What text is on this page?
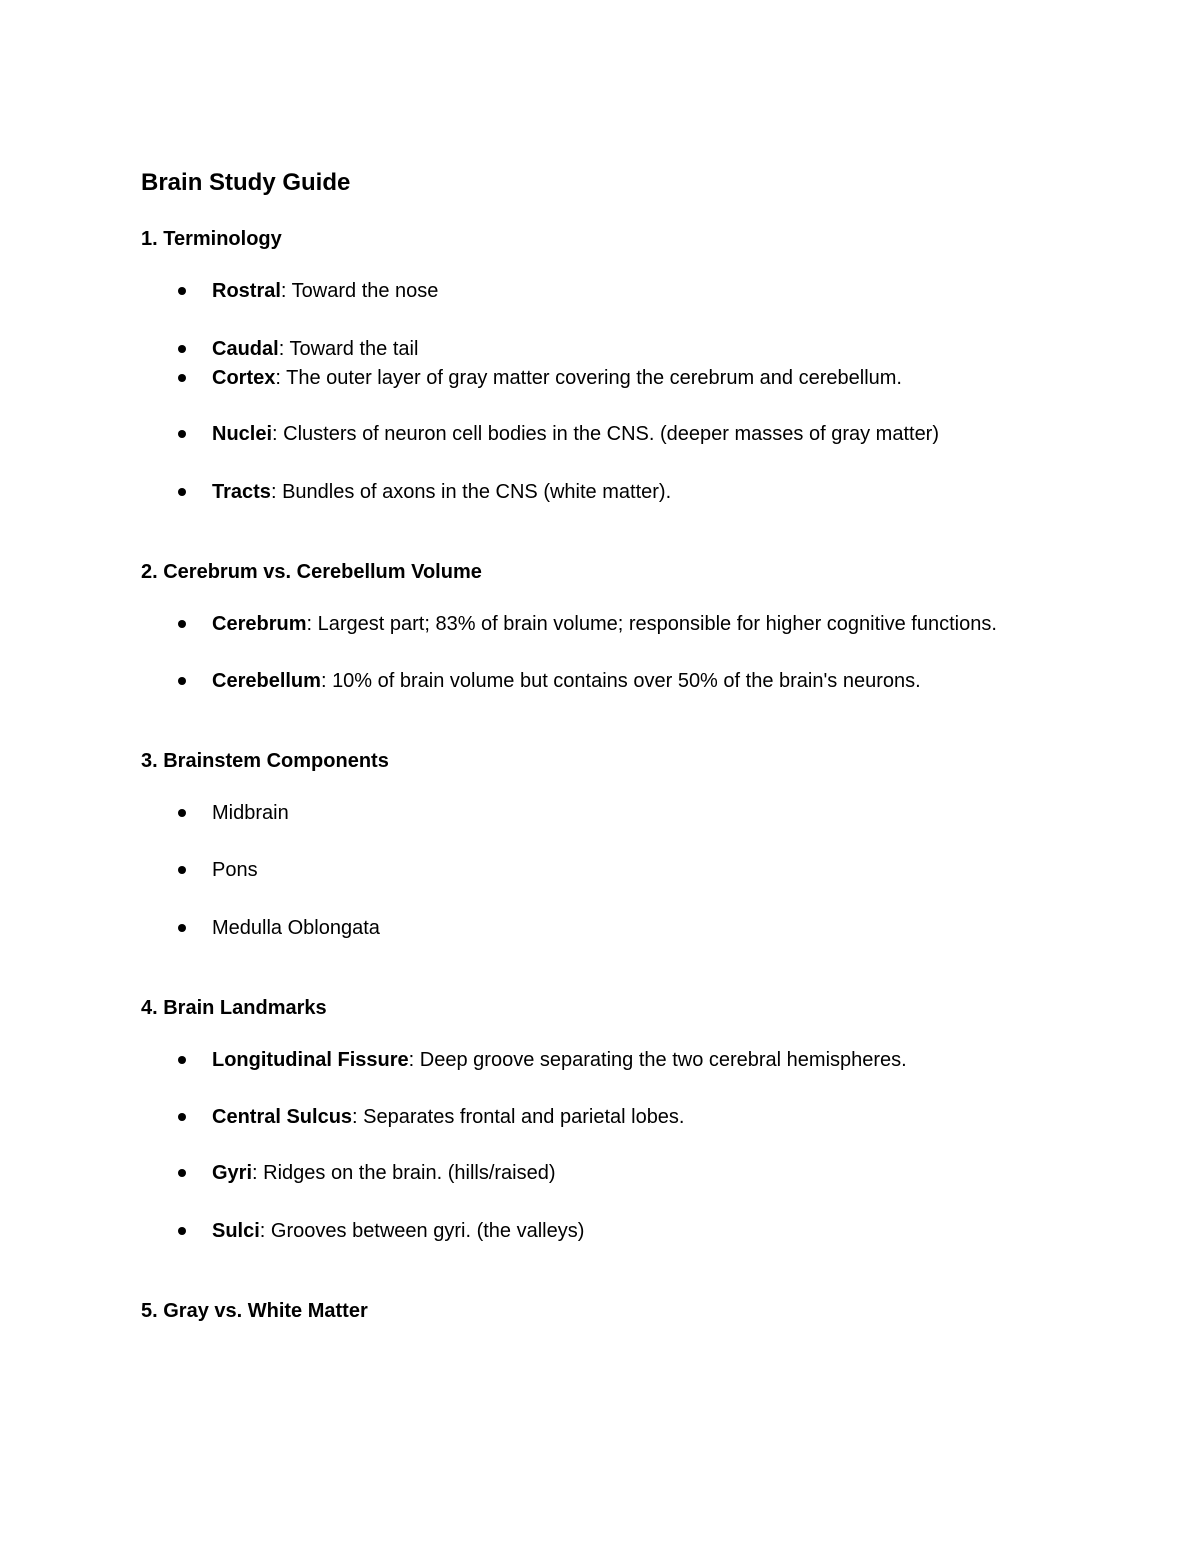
Brain Study Guide
1. Terminology
Rostral: Toward the nose
Caudal: Toward the tail
Cortex: The outer layer of gray matter covering the cerebrum and cerebellum.
Nuclei: Clusters of neuron cell bodies in the CNS. (deeper masses of gray matter)
Tracts: Bundles of axons in the CNS (white matter).
2. Cerebrum vs. Cerebellum Volume
Cerebrum: Largest part; 83% of brain volume; responsible for higher cognitive functions.
Cerebellum: 10% of brain volume but contains over 50% of the brain's neurons.
3. Brainstem Components
Midbrain
Pons
Medulla Oblongata
4. Brain Landmarks
Longitudinal Fissure: Deep groove separating the two cerebral hemispheres.
Central Sulcus: Separates frontal and parietal lobes.
Gyri: Ridges on the brain. (hills/raised)
Sulci: Grooves between gyri. (the valleys)
5. Gray vs. White Matter
